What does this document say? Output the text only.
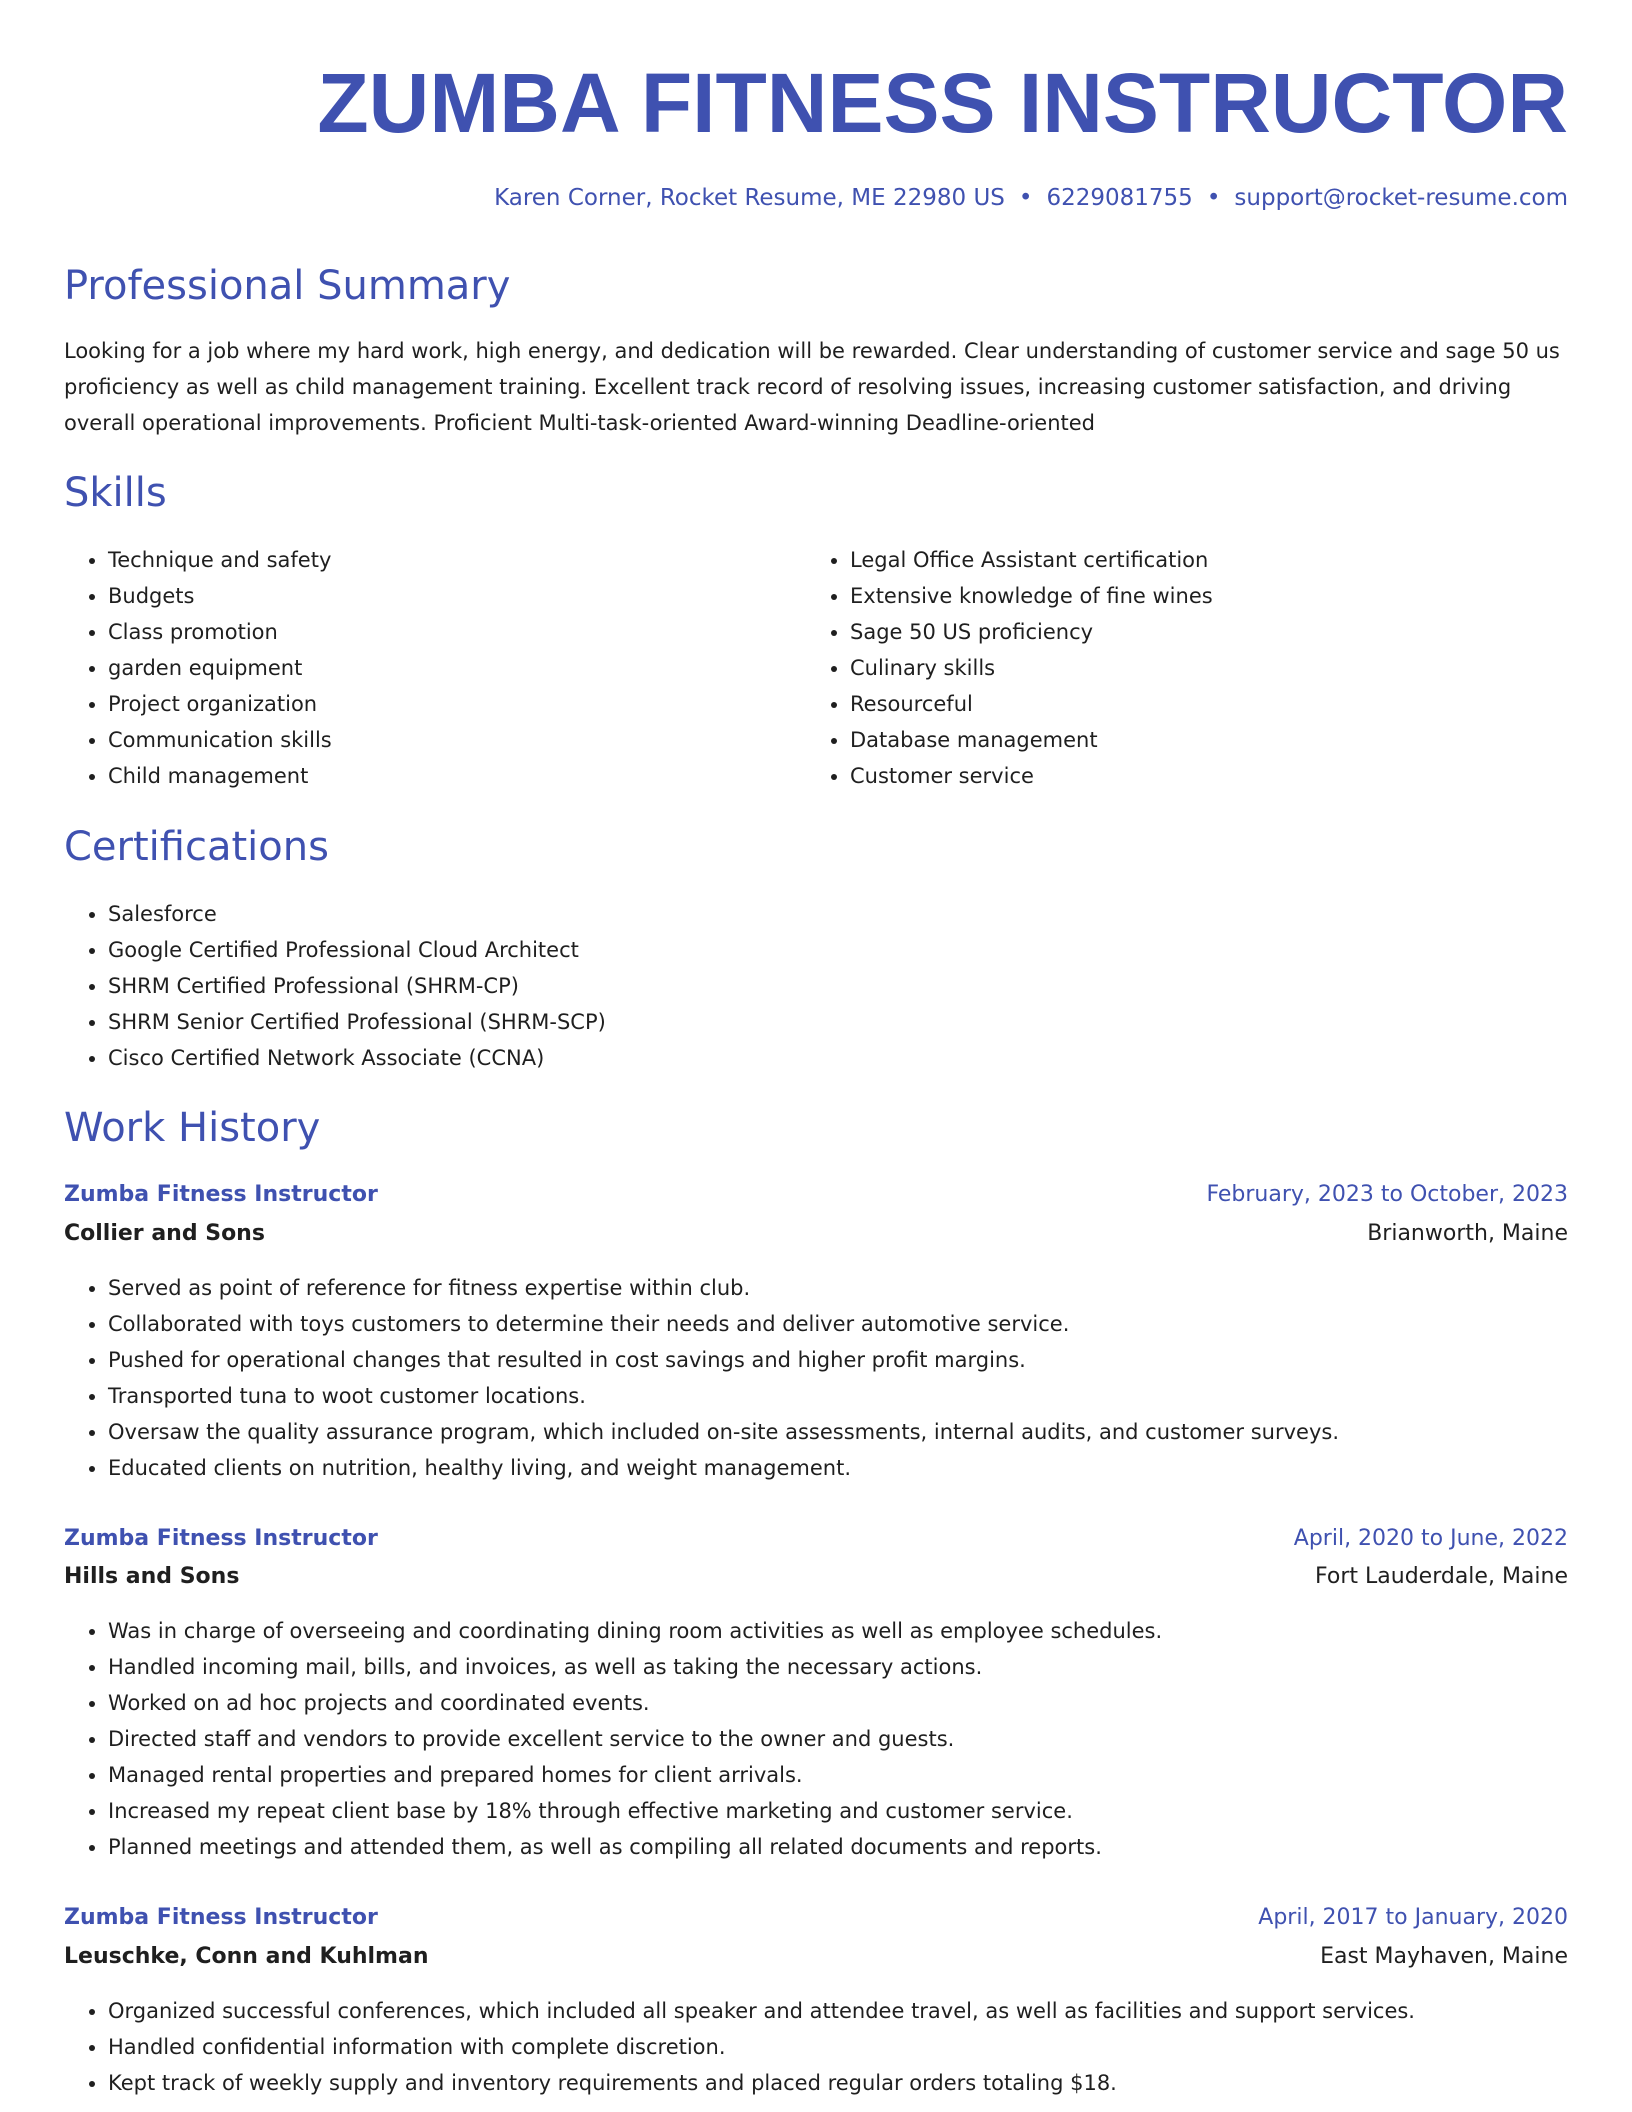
ZUMBA FITNESS INSTRUCTOR
Karen Corner, Rocket Resume, ME 22980 US • 6229081755 • support@rocket-resume.com
Professional Summary

Looking for a job where my hard work, high energy, and dedication will be rewarded. Clear understanding of customer service and sage 50 us proficiency as well as child management training. Excellent track record of resolving issues, increasing customer satisfaction, and driving overall operational improvements. Proficient Multi-task-oriented Award-winning Deadline-oriented

Skills
• Technique and safety
• Budgets
• Class promotion
• garden equipment
• Project organization
• Communication skills
• Child management
• Legal Office Assistant certification
• Extensive knowledge of fine wines
• Sage 50 US proficiency
• Culinary skills
• Resourceful
• Database management
• Customer service
Certifications
• Salesforce
• Google Certified Professional Cloud Architect
• SHRM Certified Professional (SHRM-CP)
• SHRM Senior Certified Professional (SHRM-SCP)
• Cisco Certified Network Associate (CCNA)
Work History
Zumba Fitness Instructor	February, 2023 to October, 2023
Collier and Sons	Brianworth, Maine
• Served as point of reference for fitness expertise within club.
• Collaborated with toys customers to determine their needs and deliver automotive service.
• Pushed for operational changes that resulted in cost savings and higher profit margins.
• Transported tuna to woot customer locations.
• Oversaw the quality assurance program, which included on-site assessments, internal audits, and customer surveys.
• Educated clients on nutrition, healthy living, and weight management.
Zumba Fitness Instructor	April, 2020 to June, 2022
Hills and Sons	Fort Lauderdale, Maine
• Was in charge of overseeing and coordinating dining room activities as well as employee schedules.
• Handled incoming mail, bills, and invoices, as well as taking the necessary actions.
• Worked on ad hoc projects and coordinated events.
• Directed staff and vendors to provide excellent service to the owner and guests.
• Managed rental properties and prepared homes for client arrivals.
• Increased my repeat client base by 18% through effective marketing and customer service.
• Planned meetings and attended them, as well as compiling all related documents and reports.
Zumba Fitness Instructor	April, 2017 to January, 2020
Leuschke, Conn and Kuhlman	East Mayhaven, Maine
• Organized successful conferences, which included all speaker and attendee travel, as well as facilities and support services.
• Handled confidential information with complete discretion.
• Kept track of weekly supply and inventory requirements and placed regular orders totaling $18.
